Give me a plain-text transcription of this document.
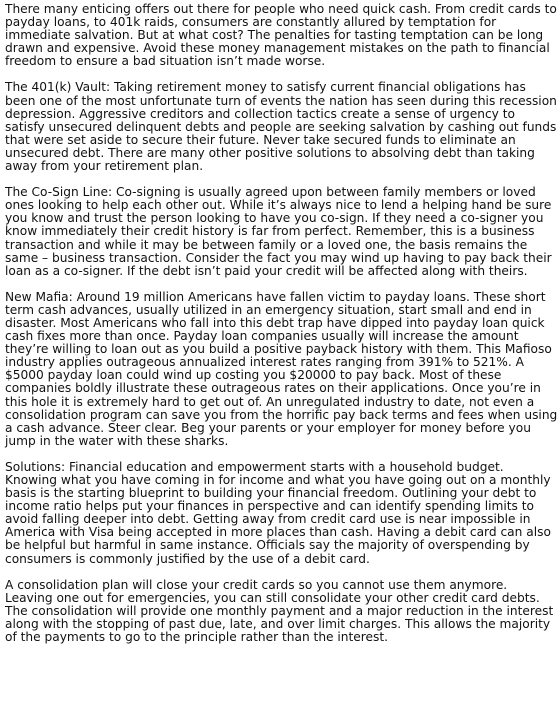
There many enticing offers out there for people who need quick cash. From credit cards to payday loans, to 401k raids, consumers are constantly allured by temptation for immediate salvation. But at what cost? The penalties for tasting temptation can be long drawn and expensive. Avoid these money management mistakes on the path to financial freedom to ensure a bad situation isn’t made worse.

The 401(k) Vault: Taking retirement money to satisfy current financial obligations has been one of the most unfortunate turn of events the nation has seen during this recession depression. Aggressive creditors and collection tactics create a sense of urgency to satisfy unsecured delinquent debts and people are seeking salvation by cashing out funds that were set aside to secure their future. Never take secured funds to eliminate an unsecured debt. There are many other positive solutions to absolving debt than taking away from your retirement plan.

The Co-Sign Line: Co-signing is usually agreed upon between family members or loved ones looking to help each other out. While it’s always nice to lend a helping hand be sure you know and trust the person looking to have you co-sign. If they need a co-signer you know immediately their credit history is far from perfect. Remember, this is a business transaction and while it may be between family or a loved one, the basis remains the same – business transaction. Consider the fact you may wind up having to pay back their loan as a co-signer. If the debt isn’t paid your credit will be affected along with theirs.

New Mafia: Around 19 million Americans have fallen victim to payday loans. These short term cash advances, usually utilized in an emergency situation, start small and end in disaster. Most Americans who fall into this debt trap have dipped into payday loan quick cash fixes more than once. Payday loan companies usually will increase the amount they’re willing to loan out as you build a positive payback history with them. This Mafioso industry applies outrageous annualized interest rates ranging from 391% to 521%. A $5000 payday loan could wind up costing you $20000 to pay back. Most of these companies boldly illustrate these outrageous rates on their applications. Once you’re in this hole it is extremely hard to get out of. An unregulated industry to date, not even a consolidation program can save you from the horrific pay back terms and fees when using a cash advance. Steer clear. Beg your parents or your employer for money before you jump in the water with these sharks.

Solutions: Financial education and empowerment starts with a household budget. Knowing what you have coming in for income and what you have going out on a monthly basis is the starting blueprint to building your financial freedom. Outlining your debt to income ratio helps put your finances in perspective and can identify spending limits to avoid falling deeper into debt. Getting away from credit card use is near impossible in America with Visa being accepted in more places than cash. Having a debit card can also be helpful but harmful in same instance. Officials say the majority of overspending by consumers is commonly justified by the use of a debit card.

A consolidation plan will close your credit cards so you cannot use them anymore. Leaving one out for emergencies, you can still consolidate your other credit card debts. The consolidation will provide one monthly payment and a major reduction in the interest along with the stopping of past due, late, and over limit charges. This allows the majority of the payments to go to the principle rather than the interest.
